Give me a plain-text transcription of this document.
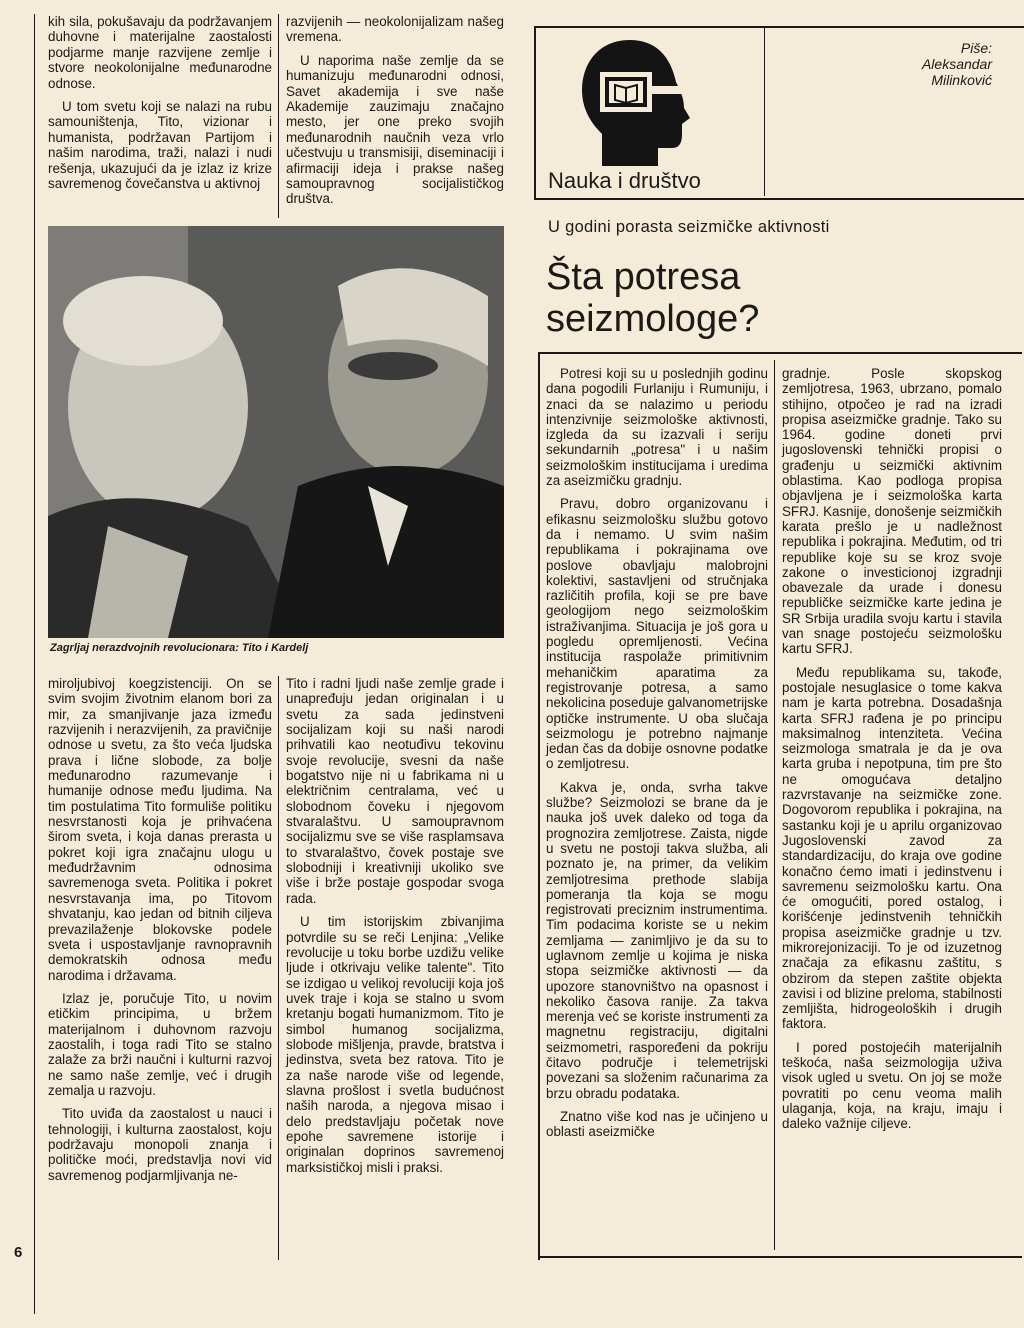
kih sila, pokušavaju da podržavanjem duhovne i materijalne zaostalosti podjarme manje razvijene zemlje i stvore neokolonijalne međunarodne odnose.

U tom svetu koji se nalazi na rubu samouništenja, Tito, vizionar i humanista, podržavan Partijom i našim narodima, traži, nalazi i nudi rešenja, ukazujući da je izlaz iz krize savremenog čovečanstva u aktivnoj

razvijenih — neokolonijalizam našeg vremena.

U naporima naše zemlje da se humanizuju međunarodni odnosi, Savet akademija i sve naše Akademije zauzimaju značajno mesto, jer one preko svojih međunarodnih naučnih veza vrlo učestvuju u transmisiji, diseminaciji i afirmaciji ideja i prakse našeg samoupravnog socijalističkog društva.

Zagrljaj nerazdvojnih revolucionara: Tito i Kardelj

miroljubivoj koegzistenciji. On se svim svojim životnim elanom bori za mir, za smanjivanje jaza između razvijenih i nerazvijenih, za pravičnije odnose u svetu, za što veća ljudska prava i lične slobode, za bolje međunarodno razumevanje i humanije odnose među ljudima. Na tim postulatima Tito formuliše politiku nesvrstanosti koja je prihvaćena širom sveta, i koja danas prerasta u pokret koji igra značajnu ulogu u međudržavnim odnosima savremenoga sveta. Politika i pokret nesvrstavanja ima, po Titovom shvatanju, kao jedan od bitnih ciljeva prevazilaženje blokovske podele sveta i uspostavljanje ravnopravnih demokratskih odnosa među narodima i državama.

Izlaz je, poručuje Tito, u novim etičkim principima, u bržem materijalnom i duhovnom razvoju zaostalih, i toga radi Tito se stalno zalaže za brži naučni i kulturni razvoj ne samo naše zemlje, već i drugih zemalja u razvoju.

Tito uviđa da zaostalost u nauci i tehnologiji, i kulturna zaostalost, koju podržavaju monopoli znanja i političke moći, predstavlja novi vid savremenog podjarmljivanja ne-

Tito i radni ljudi naše zemlje grade i unapređuju jedan originalan i u svetu za sada jedinstveni socijalizam koji su naši narodi prihvatili kao neotuđivu tekovinu svoje revolucije, svesni da naše bogatstvo nije ni u fabrikama ni u električnim centralama, već u slobodnom čoveku i njegovom stvaralaštvu. U samoupravnom socijalizmu sve se više rasplamsava to stvaralaštvo, čovek postaje sve slobodniji i kreativniji ukoliko sve više i brže postaje gospodar svoga rada.

U tim istorijskim zbivanjima potvrdile su se reči Lenjina: „Velike revolucije u toku borbe uzdižu velike ljude i otkrivaju velike talente". Tito se izdigao u velikoj revoluciji koja još uvek traje i koja se stalno u svom kretanju bogati humanizmom. Tito je simbol humanog socijalizma, slobode mišljenja, pravde, bratstva i jedinstva, sveta bez ratova. Tito je za naše narode više od legende, slavna prošlost i svetla budućnost naših naroda, a njegova misao i delo predstavljaju početak nove epohe savremene istorije i originalan doprinos savremenoj marksističkoj misli i praksi.

6
Piše:
Aleksandar
Milinković
Nauka i društvo
U godini porasta seizmičke aktivnosti
Šta potresa
seizmologe?

Potresi koji su u poslednjih godinu dana pogodili Furlaniju i Rumuniju, i znaci da se nalazimo u periodu intenzivnije seizmološke aktivnosti, izgleda da su izazvali i seriju sekundarnih „potresa" i u našim seizmološkim institucijama i uredima za aseizmičku gradnju.

Pravu, dobro organizovanu i efikasnu seizmološku službu gotovo da i nemamo. U svim našim republikama i pokrajinama ove poslove obavljaju malobrojni kolektivi, sastavljeni od stručnjaka različitih profila, koji se pre bave geologijom nego seizmološkim istraživanjima. Situacija je još gora u pogledu opremljenosti. Većina institucija raspolaže primitivnim mehaničkim aparatima za registrovanje potresa, a samo nekolicina poseduje galvanometrijske optičke instrumente. U oba slučaja seizmologu je potrebno najmanje jedan čas da dobije osnovne podatke o zemljotresu.

Kakva je, onda, svrha takve službe? Seizmolozi se brane da je nauka još uvek daleko od toga da prognozira zemljotrese. Zaista, nigde u svetu ne postoji takva služba, ali poznato je, na primer, da velikim zemljotresima prethode slabija pomeranja tla koja se mogu registrovati preciznim instrumentima. Tim podacima koriste se u nekim zemljama — zanimljivo je da su to uglavnom zemlje u kojima je niska stopa seizmičke aktivnosti — da upozore stanovništvo na opasnost i nekoliko časova ranije. Za takva merenja već se koriste instrumenti za magnetnu registraciju, digitalni seizmometri, raspoređeni da pokriju čitavo područje i telemetrijski povezani sa složenim računarima za brzu obradu podataka.

Znatno više kod nas je učinjeno u oblasti aseizmičke

gradnje. Posle skopskog zemljotresa, 1963, ubrzano, pomalo stihijno, otpočeo je rad na izradi propisa aseizmičke gradnje. Tako su 1964. godine doneti prvi jugoslovenski tehnički propisi o građenju u seizmički aktivnim oblastima. Kao podloga propisa objavljena je i seizmološka karta SFRJ. Kasnije, donošenje seizmičkih karata prešlo je u nadležnost republika i pokrajina. Međutim, od tri republike koje su se kroz svoje zakone o investicionoj izgradnji obavezale da urade i donesu republičke seizmičke karte jedina je SR Srbija uradila svoju kartu i stavila van snage postojeću seizmološku kartu SFRJ.

Među republikama su, takođe, postojale nesuglasice o tome kakva nam je karta potrebna. Dosadašnja karta SFRJ rađena je po principu maksimalnog intenziteta. Većina seizmologa smatrala je da je ova karta gruba i nepotpuna, tim pre što ne omogućava detaljno razvrstavanje na seizmičke zone. Dogovorom republika i pokrajina, na sastanku koji je u aprilu organizovao Jugoslovenski zavod za standardizaciju, do kraja ove godine konačno ćemo imati i jedinstvenu i savremenu seizmološku kartu. Ona će omogućiti, pored ostalog, i korišćenje jedinstvenih tehničkih propisa aseizmičke gradnje u tzv. mikrorejonizaciji. To je od izuzetnog značaja za efikasnu zaštitu, s obzirom da stepen zaštite objekta zavisi i od blizine preloma, stabilnosti zemljišta, hidrogeoloških i drugih faktora.

I pored postojećih materijalnih teškoća, naša seizmologija uživa visok ugled u svetu. On joj se može povratiti po cenu veoma malih ulaganja, koja, na kraju, imaju i daleko važnije ciljeve.
